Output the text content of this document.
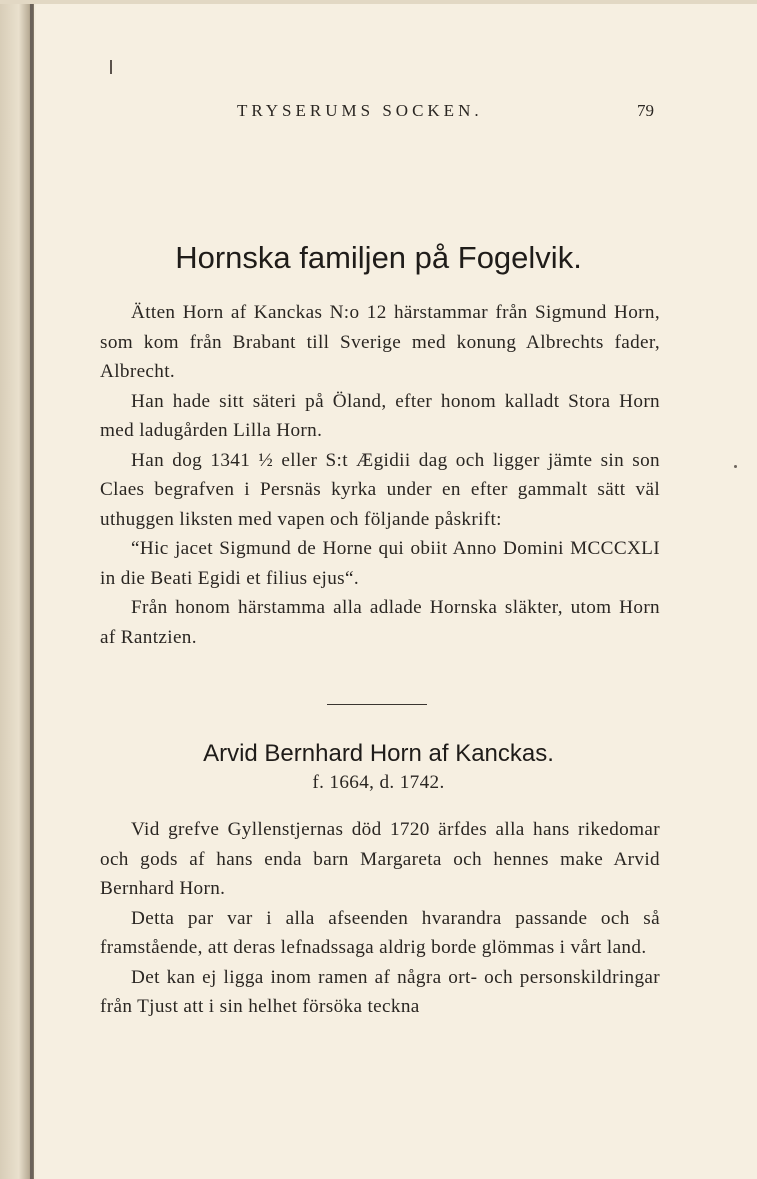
TRYSERUMS SOCKEN.	79
Hornska familjen på Fogelvik.

Ätten Horn af Kanckas N:o 12 härstammar från Sigmund Horn, som kom från Brabant till Sverige med konung Albrechts fader, Albrecht.

Han hade sitt säteri på Öland, efter honom kalladt Stora Horn med ladugården Lilla Horn.

Han dog 1341 ½ eller S:t Ægidii dag och ligger jämte sin son Claes begrafven i Persnäs kyrka under en efter gammalt sätt väl uthuggen liksten med vapen och följande påskrift:

“Hic jacet Sigmund de Horne qui obiit Anno Domini MCCCXLI in die Beati Egidi et filius ejus“.

Från honom härstamma alla adlade Hornska släkter, utom Horn af Rantzien.

Arvid Bernhard Horn af Kanckas.
f. 1664, d. 1742.

Vid grefve Gyllenstjernas död 1720 ärfdes alla hans rikedomar och gods af hans enda barn Margareta och hennes make Arvid Bernhard Horn.

Detta par var i alla afseenden hvarandra passande och så framstående, att deras lefnadssaga aldrig borde glömmas i vårt land.

Det kan ej ligga inom ramen af några ort- och personskildringar från Tjust att i sin helhet försöka teckna
